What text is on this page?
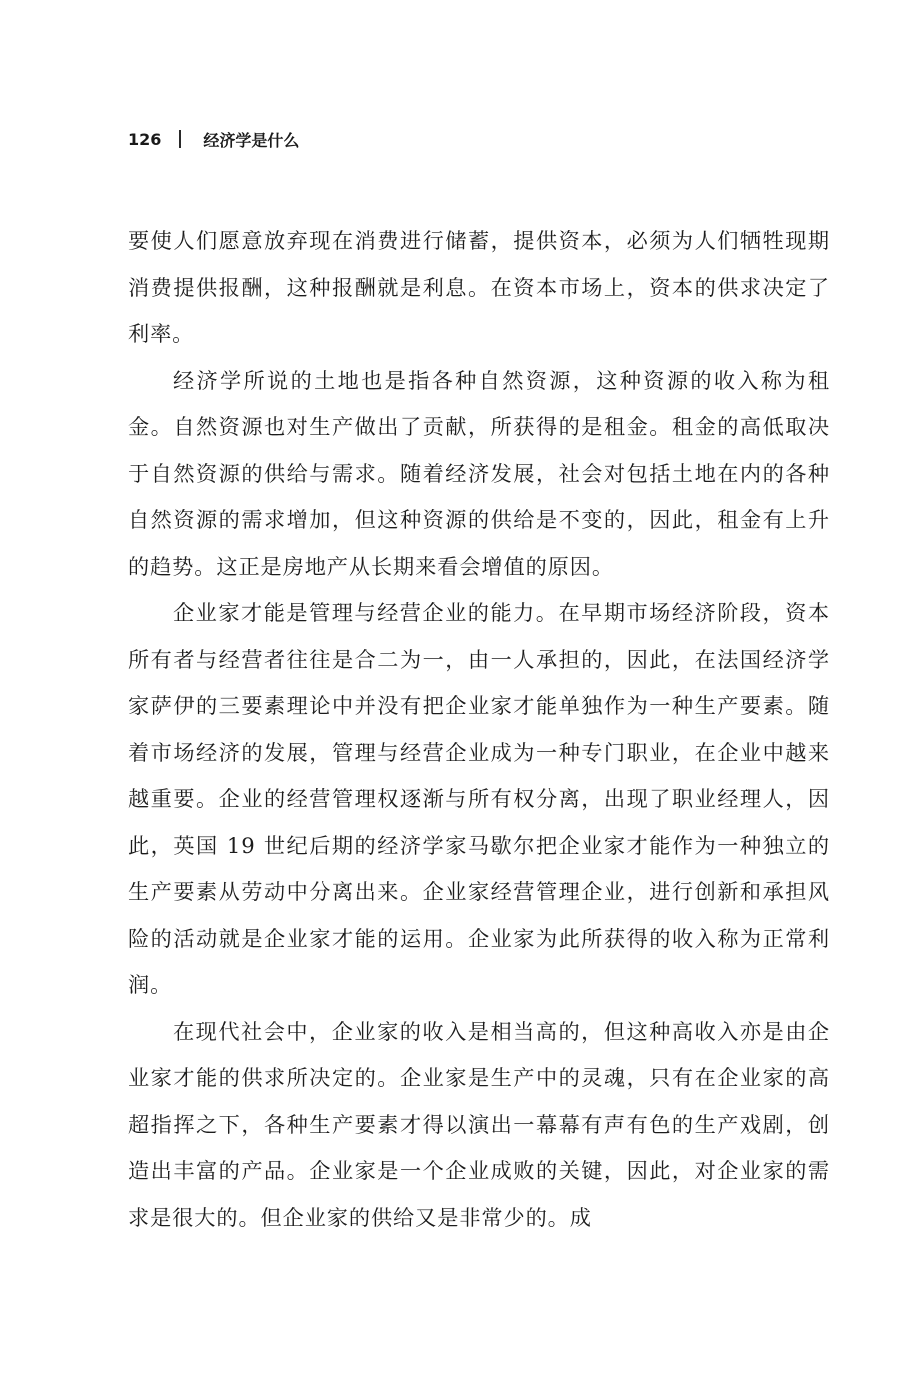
126	经济学是什么

要使人们愿意放弃现在消费进行储蓄，提供资本，必须为人们牺牲现期消费提供报酬，这种报酬就是利息。在资本市场上，资本的供求决定了利率。

经济学所说的土地也是指各种自然资源，这种资源的收入称为租金。自然资源也对生产做出了贡献，所获得的是租金。租金的高低取决于自然资源的供给与需求。随着经济发展，社会对包括土地在内的各种自然资源的需求增加，但这种资源的供给是不变的，因此，租金有上升的趋势。这正是房地产从长期来看会增值的原因。

企业家才能是管理与经营企业的能力。在早期市场经济阶段，资本所有者与经营者往往是合二为一，由一人承担的，因此，在法国经济学家萨伊的三要素理论中并没有把企业家才能单独作为一种生产要素。随着市场经济的发展，管理与经营企业成为一种专门职业，在企业中越来越重要。企业的经营管理权逐渐与所有权分离，出现了职业经理人，因此，英国 19 世纪后期的经济学家马歇尔把企业家才能作为一种独立的生产要素从劳动中分离出来。企业家经营管理企业，进行创新和承担风险的活动就是企业家才能的运用。企业家为此所获得的收入称为正常利润。

在现代社会中，企业家的收入是相当高的，但这种高收入亦是由企业家才能的供求所决定的。企业家是生产中的灵魂，只有在企业家的高超指挥之下，各种生产要素才得以演出一幕幕有声有色的生产戏剧，创造出丰富的产品。企业家是一个企业成败的关键，因此，对企业家的需求是很大的。但企业家的供给又是非常少的。成
